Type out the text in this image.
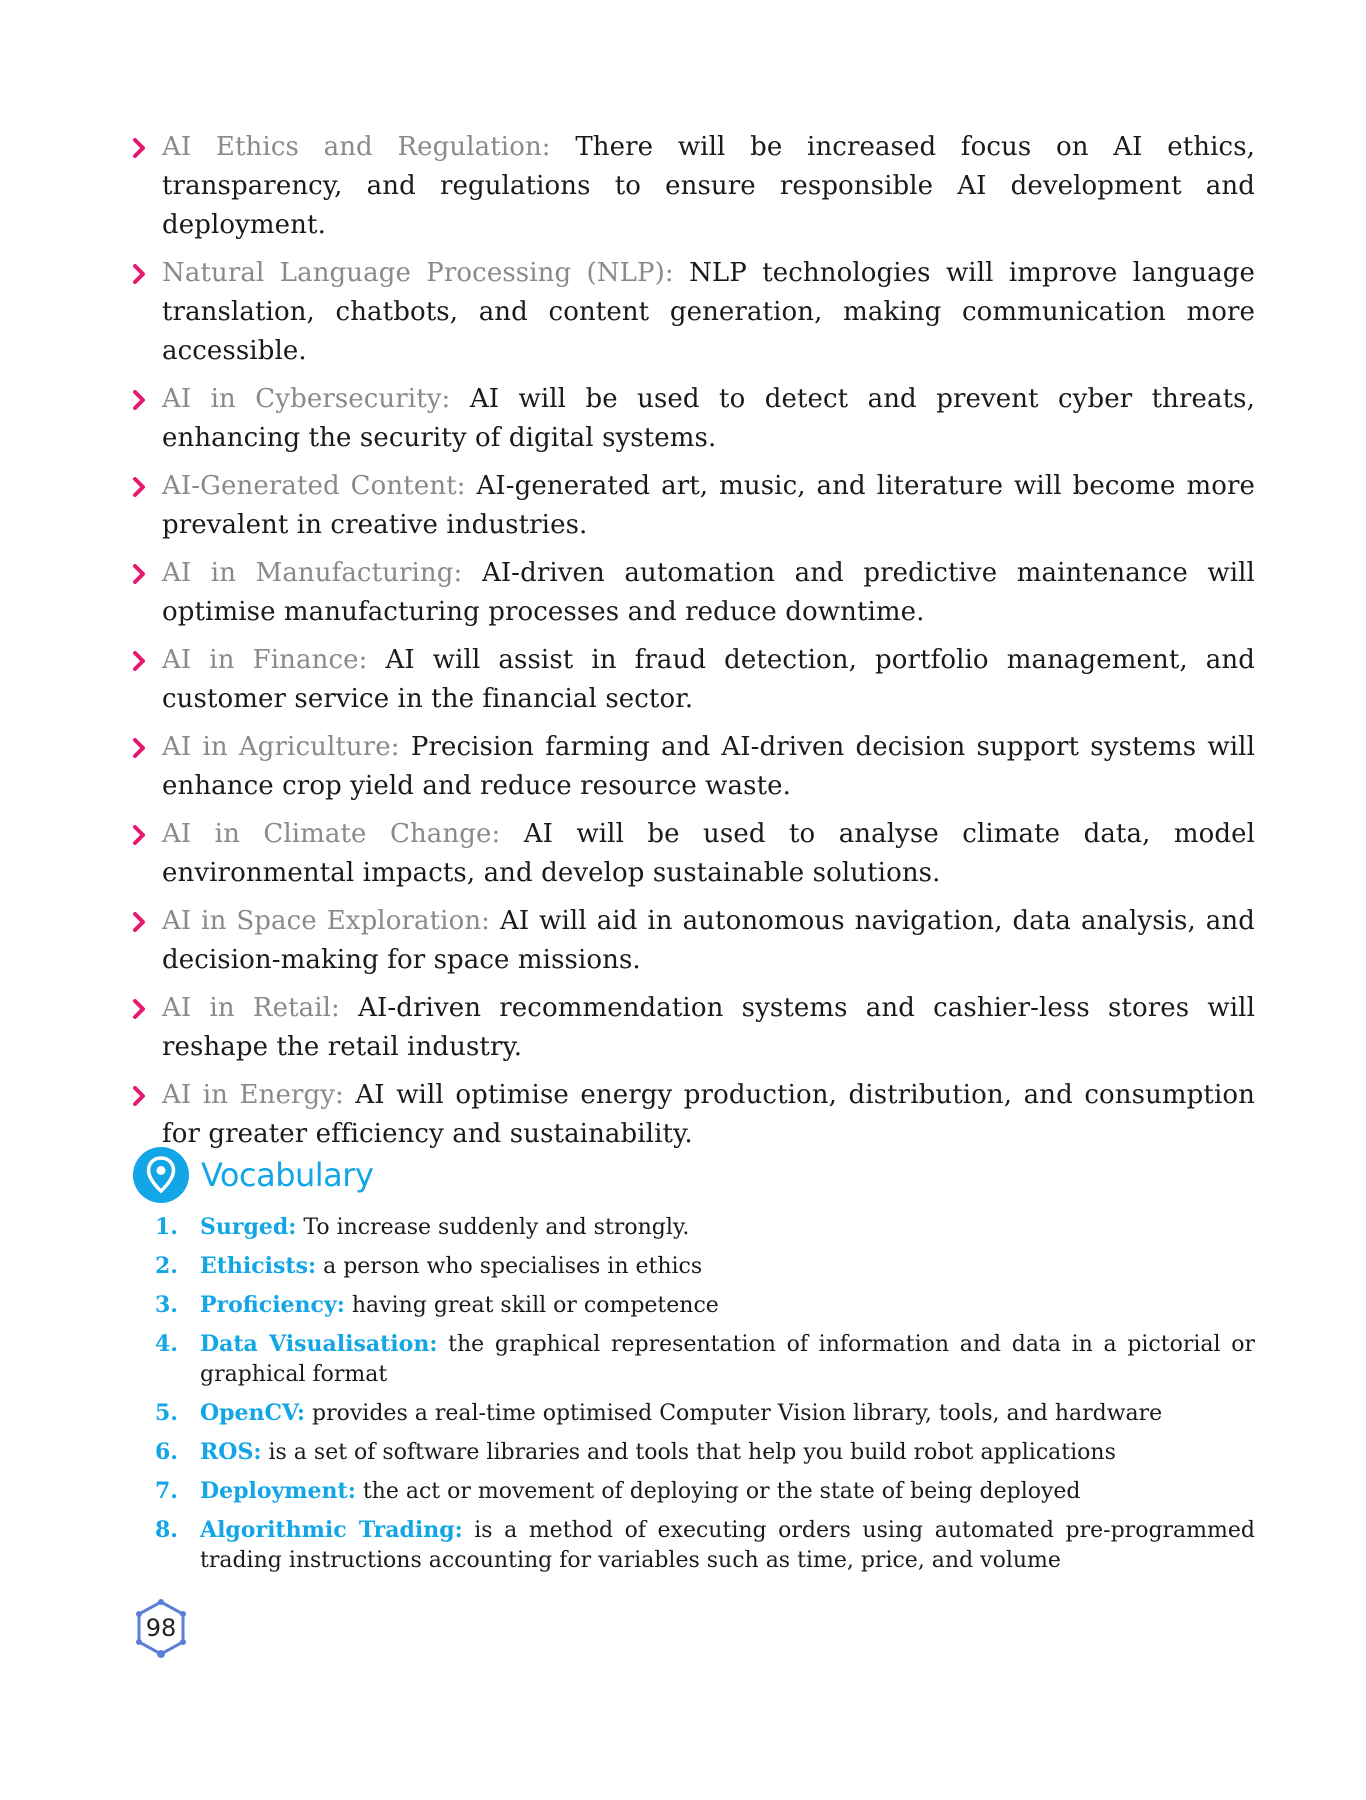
AI Ethics and Regulation: There will be increased focus on AI ethics, transparency, and regulations to ensure responsible AI development and deployment.
Natural Language Processing (NLP): NLP technologies will improve language translation, chatbots, and content generation, making communication more accessible.
AI in Cybersecurity: AI will be used to detect and prevent cyber threats, enhancing the security of digital systems.
AI-Generated Content: AI-generated art, music, and literature will become more prevalent in creative industries.
AI in Manufacturing: AI-driven automation and predictive maintenance will optimise manufacturing processes and reduce downtime.
AI in Finance: AI will assist in fraud detection, portfolio management, and customer service in the financial sector.
AI in Agriculture: Precision farming and AI-driven decision support systems will enhance crop yield and reduce resource waste.
AI in Climate Change: AI will be used to analyse climate data, model environmental impacts, and develop sustainable solutions.
AI in Space Exploration: AI will aid in autonomous navigation, data analysis, and decision-making for space missions.
AI in Retail: AI-driven recommendation systems and cashier-less stores will reshape the retail industry.
AI in Energy: AI will optimise energy production, distribution, and consumption for greater efficiency and sustainability.
Vocabulary
1. Surged: To increase suddenly and strongly.
2. Ethicists: a person who specialises in ethics
3. Proficiency: having great skill or competence
4. Data Visualisation: the graphical representation of information and data in a pictorial or graphical format
5. OpenCV: provides a real-time optimised Computer Vision library, tools, and hardware
6. ROS: is a set of software libraries and tools that help you build robot applications
7. Deployment: the act or movement of deploying or the state of being deployed
8. Algorithmic Trading: is a method of executing orders using automated pre-programmed trading instructions accounting for variables such as time, price, and volume
98
